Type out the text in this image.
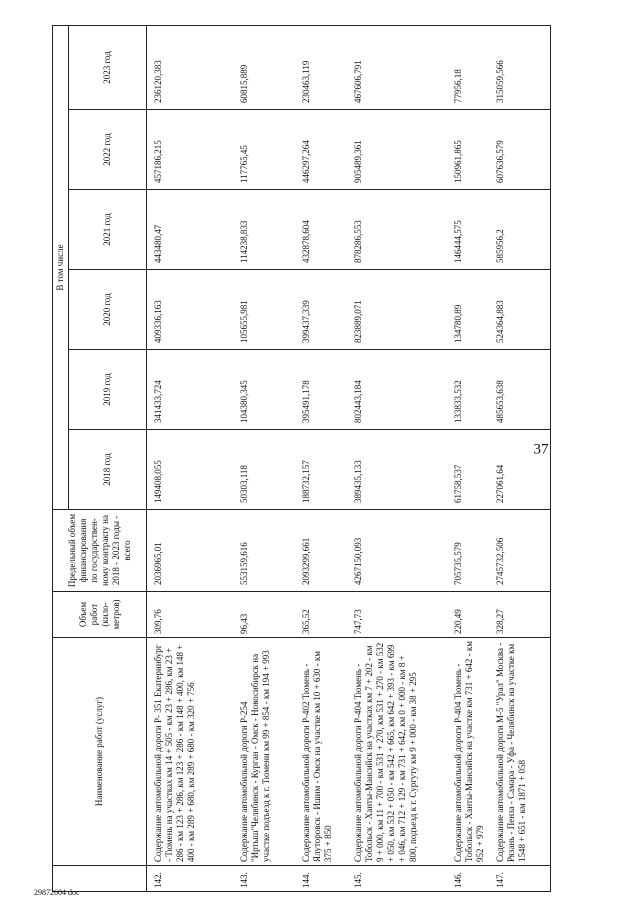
37
	Наименование работ (услуг)	Объем работ (кило-метров)	Предельный объем финансирования по государствен-ному контракту на 2018 - 2023 годы - всего	В том числе					
				2018 год	2019 год	2020 год	2021 год	2022 год	2023 год
142.	Содержание автомобильной дороги Р- 351 Екатеринбург - Тюмень на участках км 14 + 505 - км 23 + 286, км 23 + 286 - км 123 + 286, км 123 + 286 - км 148 + 400, км 148 + 400 - км 289 + 680, км 289 + 680 - км 320 + 756	309,76	2036965,01	149408,055	341433,724	409336,163	443480,47	457186,215	236120,383
143.	Содержание автомобильной дороги Р-254 "Иртыш"Челябинск - Курган - Омск - Новосибирск на участке подъезд к г. Тюмени км 99 + 854 - км 194 + 993	96,43	553159,616	50303,118	104380,345	105655,981	114238,833	117765,45	60815,889
144.	Содержание автомобильной дороги Р-402 Тюмень - Ялуторовск - Ишим - Омск на участке км 10 + 630 - км 375 + 850	365,52	2093299,661	188732,157	395491,178	399437,339	432878,604	446297,264	230463,119
145.	Содержание автомобильной дороги Р-404 Тюмень - Тобольск - Ханты-Мансийск на участках км 7 + 202 - км 9 + 000, км 11 + 700 - км 531 + 270, км 531 + 270 - км 532 + 050, км 532 + 050 - км 542 + 665, км 642 + 393 - км 699 + 046, км 712 + 129 - км 731 + 642, км 0 + 000 - км 8 + 800, подъезд к г. Сургуту км 9 + 000 - км 38 + 295	747,73	4267150,093	389435,133	802443,184	823889,071	878286,553	905489,361	467606,791
146.	Содержание автомобильной дороги Р-404 Тюмень - Тобольск - Ханты-Мансийск на участке км 731 + 642 - км 952 + 979	220,49	705735,579	61758,537	133833,532	134780,89	146444,575	150961,865	77956,18
147.	Содержание автомобильной дороги М-5 "Урал" Москва - Рязань - Пенза - Самара - Уфа - Челябинск на участке км 1548 + 651 - км 1871 + 058	328,27	2745732,506	227061,64	485653,638	524364,883	585956,2	607636,579	315059,566
29872604 doc
